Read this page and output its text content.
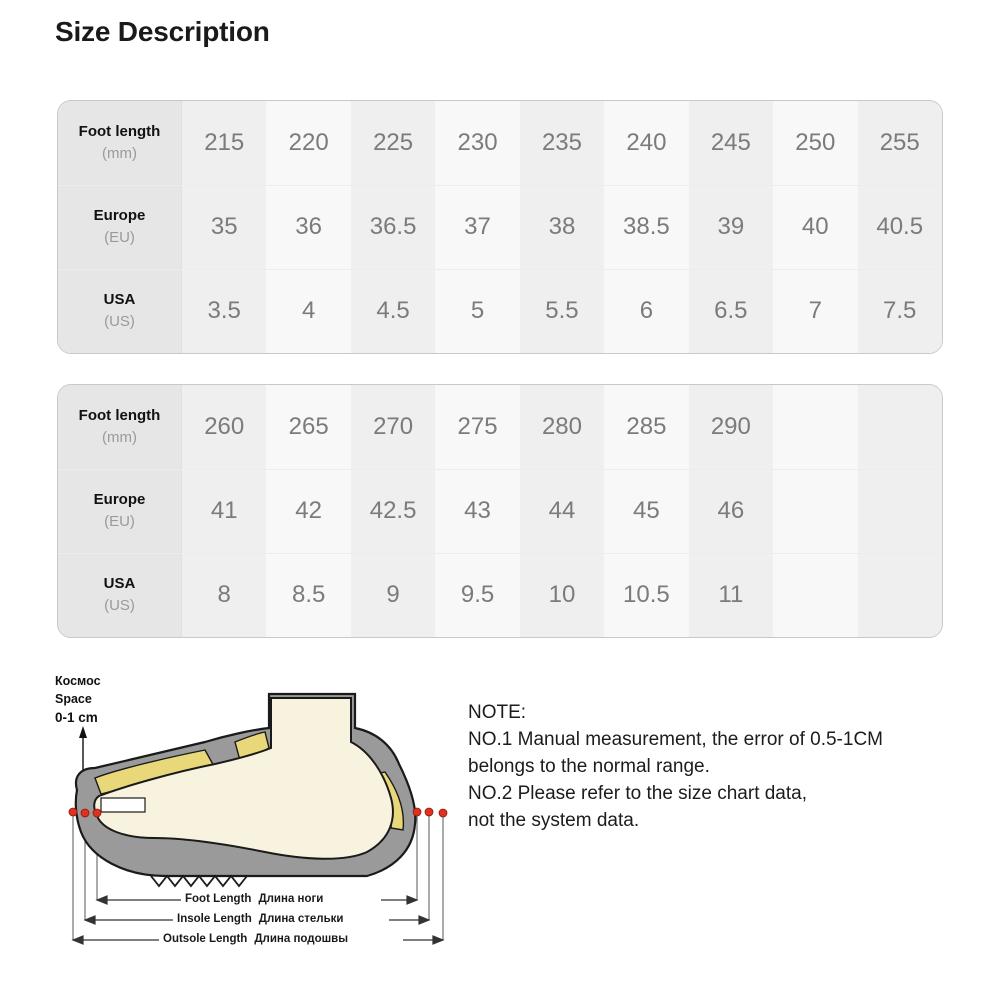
Size Description
Foot length
(mm)	215	220	225	230	235	240	245	250	255
Europe
(EU)	35	36	36.5	37	38	38.5	39	40	40.5
USA
(US)	3.5	4	4.5	5	5.5	6	6.5	7	7.5
Foot length
(mm)	260	265	270	275	280	285	290
Europe
(EU)	41	42	42.5	43	44	45	46
USA
(US)	8	8.5	9	9.5	10	10.5	11
Космос
Space
0-1 cm
Foot Length Длина ноги
Insole Length Длина стельки
Outsole Length Длина подошвы
NOTE:
NO.1 Manual measurement, the error of 0.5-1CM
belongs to the normal range.
NO.2 Please refer to the size chart data,
not the system data.
